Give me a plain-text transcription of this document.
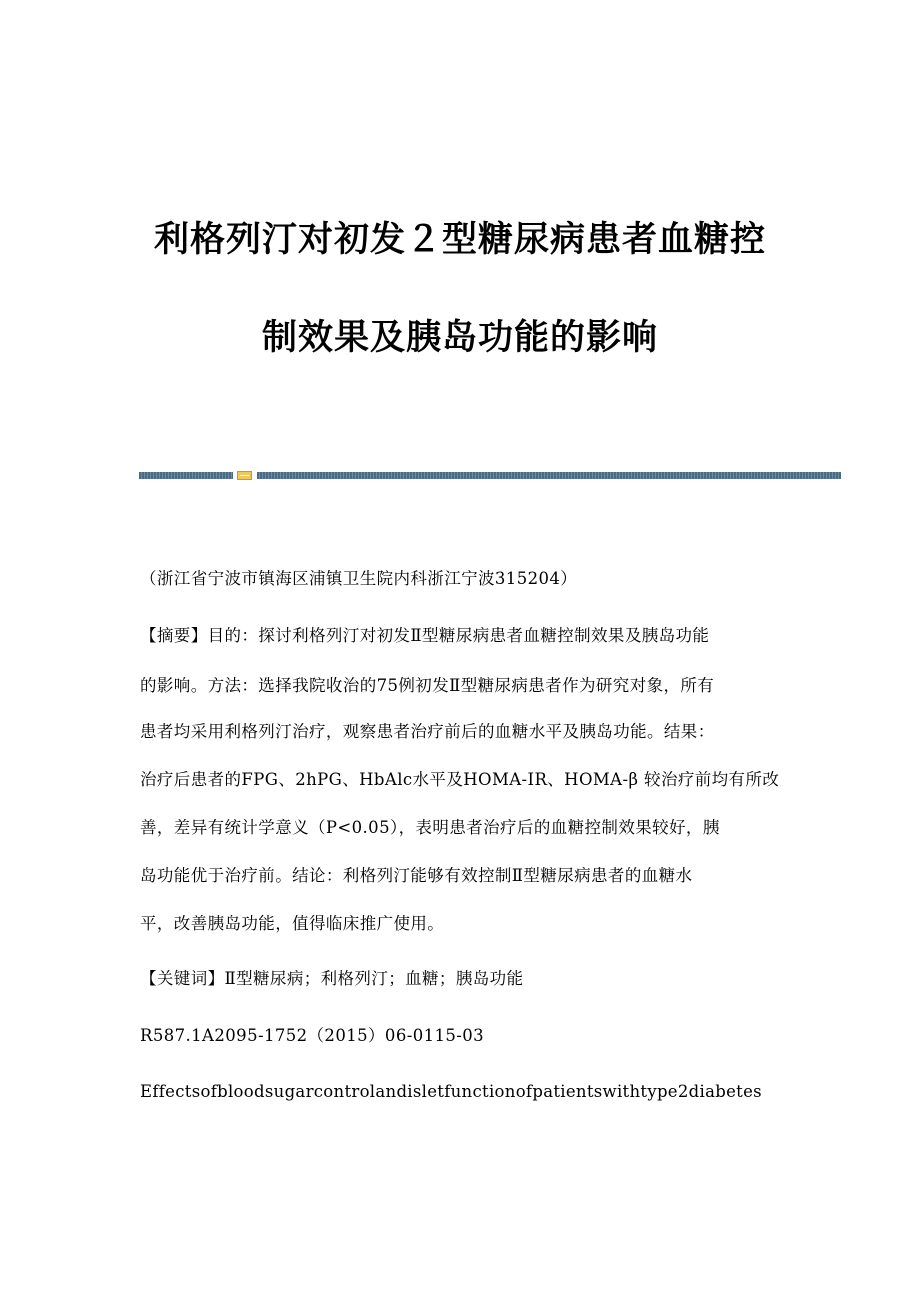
利格列汀对初发２型糖尿病患者血糖控
制效果及胰岛功能的影响
（浙江省宁波市镇海区浦镇卫生院内科浙江宁波315204）
【摘要】目的：探讨利格列汀对初发Ⅱ型糖尿病患者血糖控制效果及胰岛功能
的影响。方法：选择我院收治的75例初发Ⅱ型糖尿病患者作为研究对象，所有
患者均采用利格列汀治疗，观察患者治疗前后的血糖水平及胰岛功能。结果：
治疗后患者的FPG、2hPG、HbAlc水平及HOMA-IR、HOMA-β 较治疗前均有所改
善，差异有统计学意义（P<0.05），表明患者治疗后的血糖控制效果较好，胰
岛功能优于治疗前。结论：利格列汀能够有效控制Ⅱ型糖尿病患者的血糖水
平，改善胰岛功能，值得临床推广使用。
【关键词】Ⅱ型糖尿病；利格列汀；血糖；胰岛功能
R587.1A2095-1752（2015）06-0115-03
Effectsofbloodsugarcontrolandisletfunctionofpatientswithtype2diabetes
